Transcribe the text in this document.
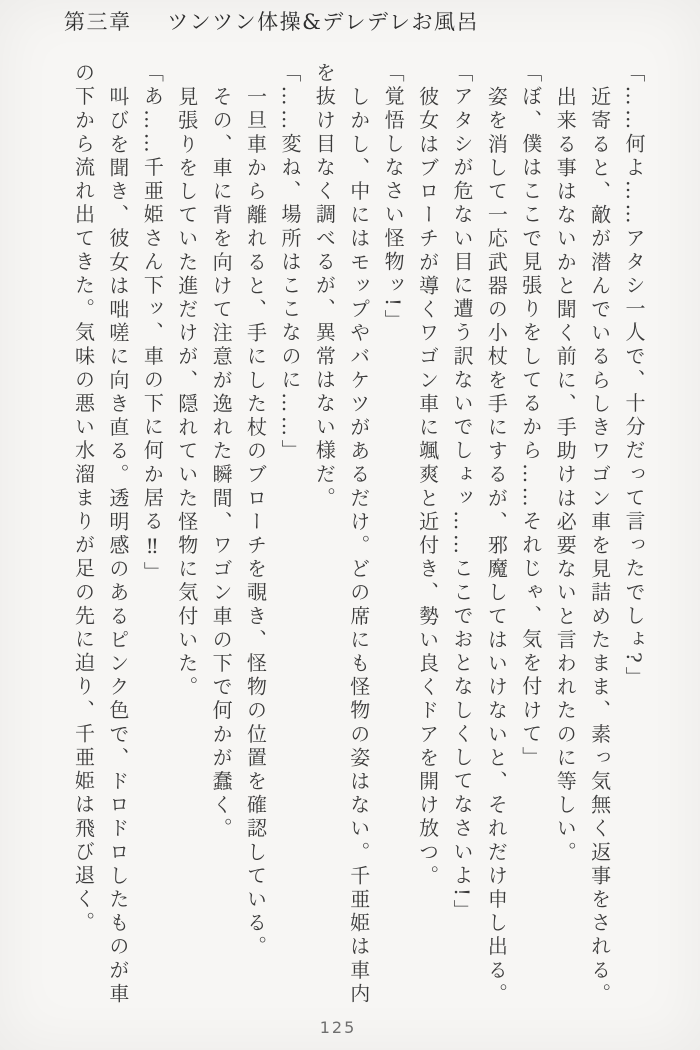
第三章 ツンツン体操&デレデレお風呂

「……何よ……アタシ一人で、十分だって言ったでしょ?」

近寄ると、敵が潜んでいるらしきワゴン車を見詰めたまま、素っ気無く返事をされる。

出来る事はないかと聞く前に、手助けは必要ないと言われたのに等しい。

「ぼ、僕はここで見張りをしてるから……それじゃ、気を付けて」

姿を消して一応武器の小杖を手にするが、邪魔してはいけないと、それだけ申し出る。

「アタシが危ない目に遭う訳ないでしょッ……ここでおとなしくしてなさいよ!」

彼女はブローチが導くワゴン車に颯爽と近付き、勢い良くドアを開け放つ。

「覚悟しなさい怪物ッ!」

しかし、中にはモップやバケツがあるだけ。どの席にも怪物の姿はない。千亜姫は車内を抜け目なく調べるが、異常はない様だ。

「……変ね、場所はここなのに……」

一旦車から離れると、手にした杖のブローチを覗き、怪物の位置を確認している。

その、車に背を向けて注意が逸れた瞬間、ワゴン車の下で何かが蠢く。

見張りをしていた進だけが、隠れていた怪物に気付いた。

「あ……千亜姫さん下ッ、車の下に何か居る‼」

叫びを聞き、彼女は咄嗟に向き直る。透明感のあるピンク色で、ドロドロしたものが車の下から流れ出てきた。気味の悪い水溜まりが足の先に迫り、千亜姫は飛び退く。

125
